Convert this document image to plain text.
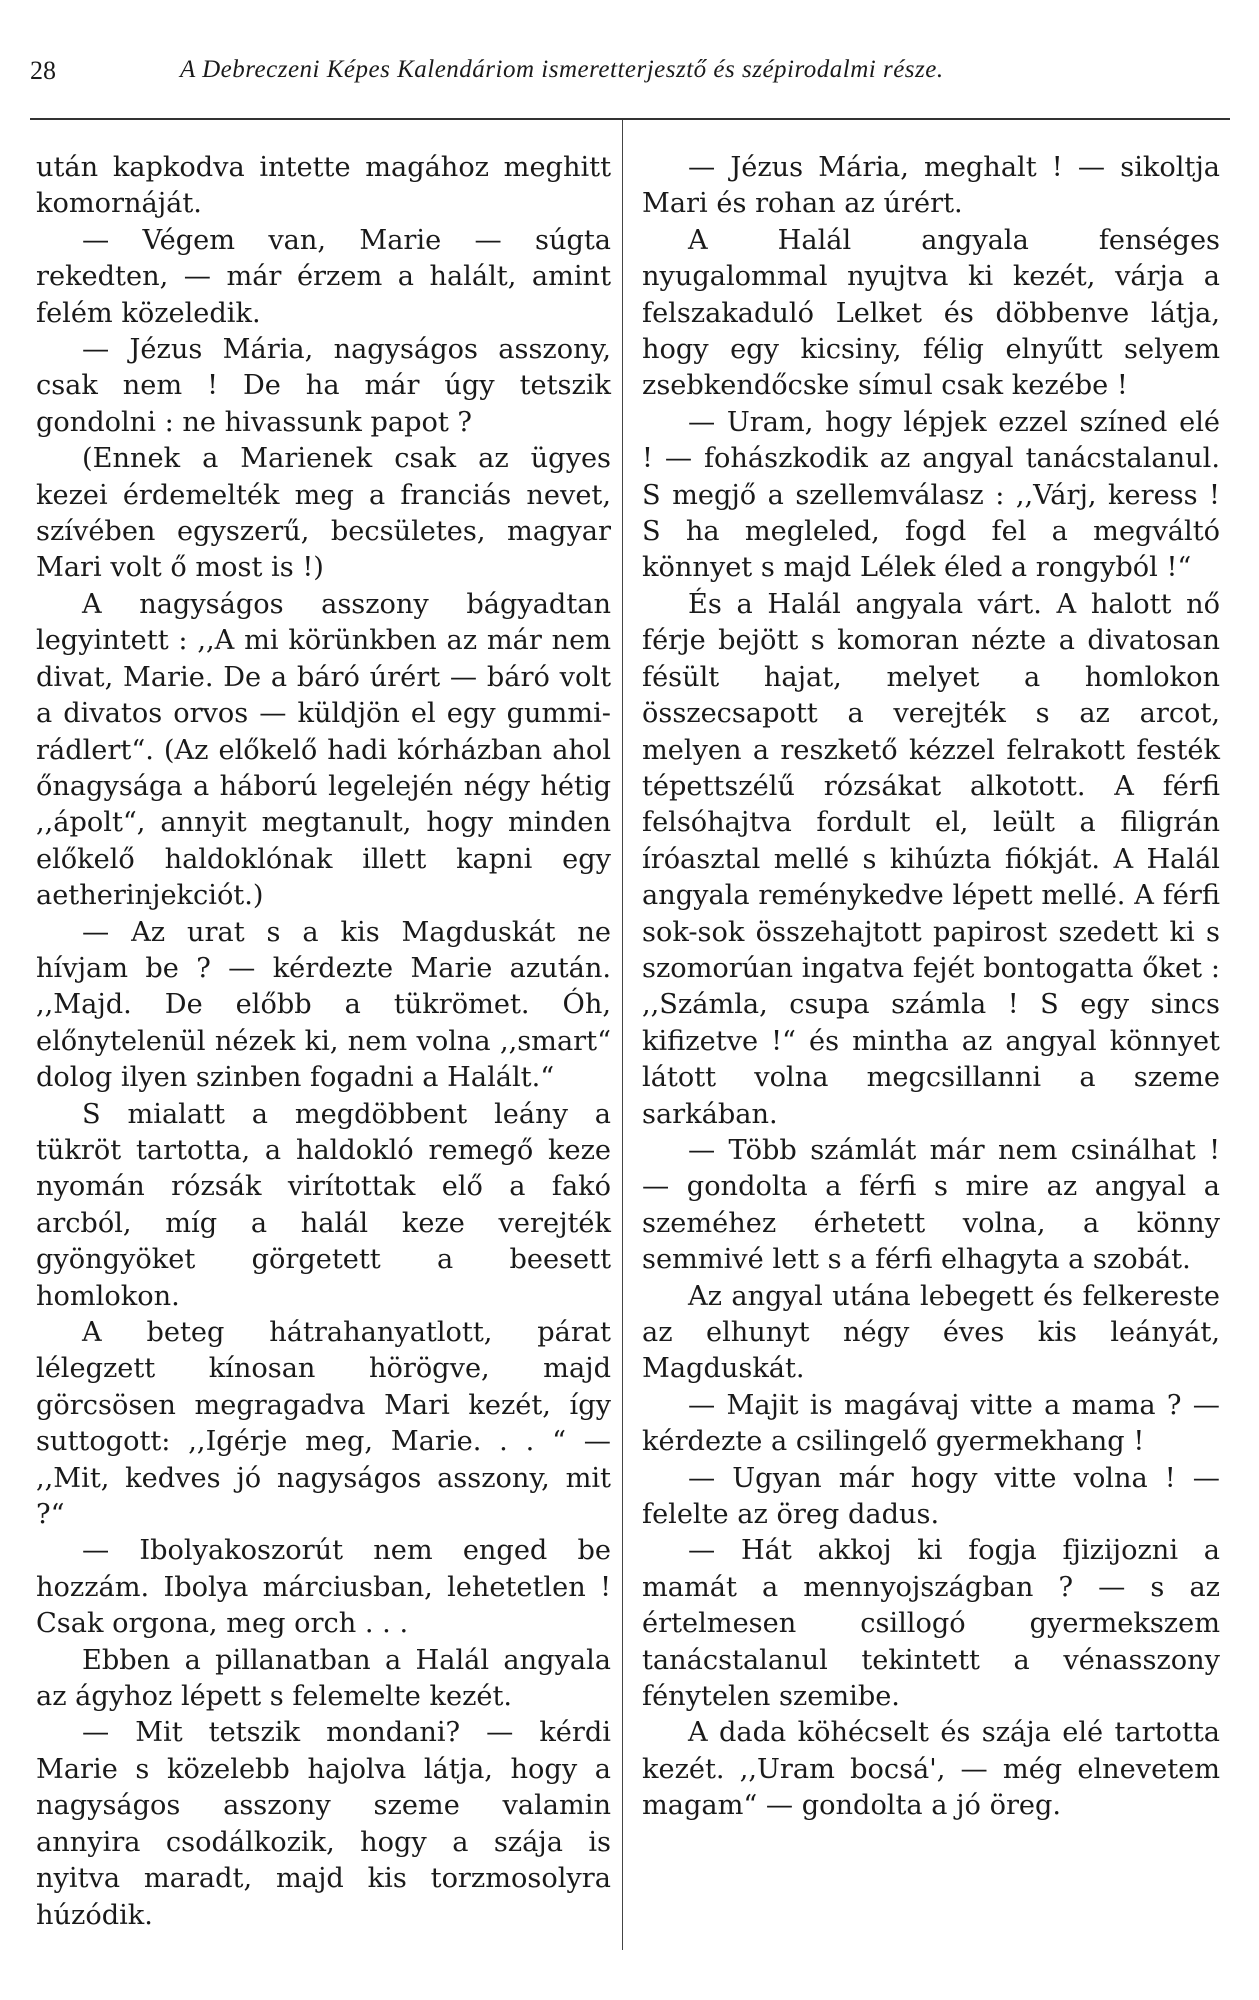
28	A Debreczeni Képes Kalendáriom ismeretterjesztő és szépirodalmi része.

után kapkodva intette magához meghitt komornáját.

— Végem van, Marie — súgta rekedten, — már érzem a halált, amint felém közeledik.

— Jézus Mária, nagyságos asszony, csak nem ! De ha már úgy tetszik gondolni : ne hivassunk papot ?

(Ennek a Marienek csak az ügyes kezei érdemelték meg a franciás nevet, szívében egyszerű, becsületes, magyar Mari volt ő most is !)

A nagyságos asszony bágyadtan legyintett : ,,A mi körünkben az már nem divat, Marie. De a báró úrért — báró volt a divatos orvos — küldjön el egy gummi-rádlert“. (Az előkelő hadi kórházban ahol őnagysága a háború legelején négy hétig ,,ápolt“, annyit megtanult, hogy minden előkelő haldoklónak illett kapni egy aetherinjekciót.)

— Az urat s a kis Magduskát ne hívjam be ? — kérdezte Marie azután. ,,Majd. De előbb a tükrömet. Óh, előnytelenül nézek ki, nem volna ,,smart“ dolog ilyen szinben fogadni a Halált.“

S mialatt a megdöbbent leány a tükröt tartotta, a haldokló remegő keze nyomán rózsák virítottak elő a fakó arcból, míg a halál keze verejték gyöngyöket görgetett a beesett homlokon.

A beteg hátrahanyatlott, párat lélegzett kínosan hörögve, majd görcsösen megragadva Mari kezét, így suttogott: ,,Igérje meg, Marie. . . “ — ,,Mit, kedves jó nagyságos asszony, mit ?“

— Ibolyakoszorút nem enged be hozzám. Ibolya márciusban, lehetetlen ! Csak orgona, meg orch . . .

Ebben a pillanatban a Halál angyala az ágyhoz lépett s felemelte kezét.

— Mit tetszik mondani? — kérdi Marie s közelebb hajolva látja, hogy a nagyságos asszony szeme valamin annyira csodálkozik, hogy a szája is nyitva maradt, majd kis torzmosolyra húzódik.

— Jézus Mária, meghalt ! — sikoltja Mari és rohan az úrért.

A Halál angyala fenséges nyugalommal nyujtva ki kezét, várja a felszakaduló Lelket és döbbenve látja, hogy egy kicsiny, félig elnyűtt selyem zsebkendőcske símul csak kezébe !

— Uram, hogy lépjek ezzel színed elé ! — fohászkodik az angyal tanácstalanul. S megjő a szellemválasz : ,,Várj, keress ! S ha megleled, fogd fel a megváltó könnyet s majd Lélek éled a rongyból !“

És a Halál angyala várt. A halott nő férje bejött s komoran nézte a divatosan fésült hajat, melyet a homlokon összecsapott a verejték s az arcot, melyen a reszkető kézzel felrakott festék tépettszélű rózsákat alkotott. A férfi felsóhajtva fordult el, leült a filigrán íróasztal mellé s kihúzta fiókját. A Halál angyala reménykedve lépett mellé. A férfi sok-sok összehajtott papirost szedett ki s szomorúan ingatva fejét bontogatta őket : ,,Számla, csupa számla ! S egy sincs kifizetve !“ és mintha az angyal könnyet látott volna megcsillanni a szeme sarkában.

— Több számlát már nem csinálhat ! — gondolta a férfi s mire az angyal a szeméhez érhetett volna, a könny semmivé lett s a férfi elhagyta a szobát.

Az angyal utána lebegett és felkereste az elhunyt négy éves kis leányát, Magduskát.

— Majit is magávaj vitte a mama ? — kérdezte a csilingelő gyermekhang !

— Ugyan már hogy vitte volna ! — felelte az öreg dadus.

— Hát akkoj ki fogja fjizijozni a mamát a mennyojszágban ? — s az értelmesen csillogó gyermekszem tanácstalanul tekintett a vénasszony fénytelen szemibe.

A dada köhécselt és szája elé tartotta kezét. ,,Uram bocsá', — még elnevetem magam“ — gondolta a jó öreg.
